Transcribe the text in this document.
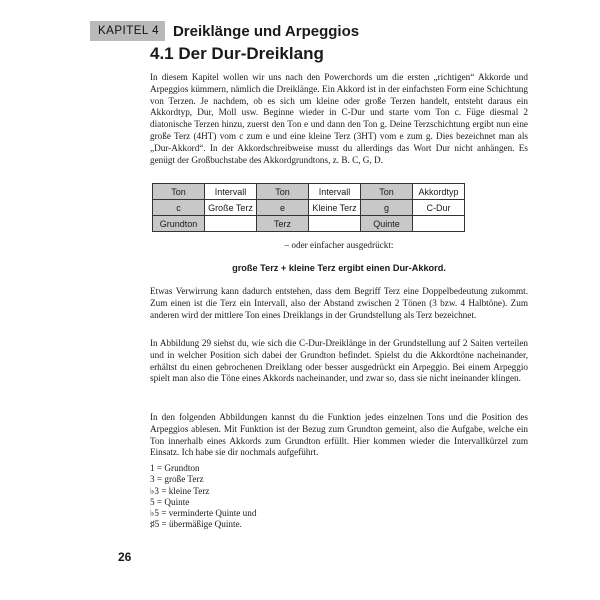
KAPITEL 4 Dreiklänge und Arpeggios
4.1 Der Dur-Dreiklang

In diesem Kapitel wollen wir uns nach den Powerchords um die ersten „richtigen“ Akkorde und Arpeggios kümmern, nämlich die Dreiklänge. Ein Akkord ist in der einfachsten Form eine Schichtung von Terzen. Je nachdem, ob es sich um kleine oder große Terzen handelt, entsteht daraus ein Akkordtyp, Dur, Moll usw. Beginne wieder in C-Dur und starte vom Ton c. Füge diesmal 2 diatonische Terzen hinzu, zuerst den Ton e und dann den Ton g. Deine Terzschichtung ergibt nun eine große Terz (4HT) vom c zum e und eine kleine Terz (3HT) vom e zum g. Dies bezeichnet man als „Dur-Akkord“. In der Akkordschreibweise musst du allerdings das Wort Dur nicht anhängen. Es genügt der Großbuchstabe des Akkordgrundtons, z. B. C, G, D.

Ton	Intervall	Ton	Intervall	Ton	Akkordtyp
c	Große Terz	e	Kleine Terz	g	C-Dur
Grundton		Terz		Quinte	
– oder einfacher ausgedrückt:
große Terz + kleine Terz ergibt einen Dur-Akkord.

Etwas Verwirrung kann dadurch entstehen, dass dem Begriff Terz eine Doppelbedeutung zukommt. Zum einen ist die Terz ein Intervall, also der Abstand zwischen 2 Tönen (3 bzw. 4 Halbtöne). Zum anderen wird der mittlere Ton eines Dreiklangs in der Grundstellung als Terz bezeichnet.

In Abbildung 29 siehst du, wie sich die C-Dur-Dreiklänge in der Grundstellung auf 2 Saiten verteilen und in welcher Position sich dabei der Grundton befindet. Spielst du die Akkordtöne nacheinander, erhältst du einen gebrochenen Dreiklang oder besser ausgedrückt ein Arpeggio. Bei einem Arpeggio spielt man also die Töne eines Akkords nacheinander, und zwar so, dass sie nicht ineinander klingen.

In den folgenden Abbildungen kannst du die Funktion jedes einzelnen Tons und die Position des Arpeggios ablesen. Mit Funktion ist der Bezug zum Grundton gemeint, also die Aufgabe, welche ein Ton innerhalb eines Akkords zum Grundton erfüllt. Hier kommen wieder die Intervallkürzel zum Einsatz. Ich habe sie dir nochmals aufgeführt.

1 = Grundton
3 = große Terz
♭3 = kleine Terz
5 = Quinte
♭5 = verminderte Quinte und
♯5 = übermäßige Quinte.
26
